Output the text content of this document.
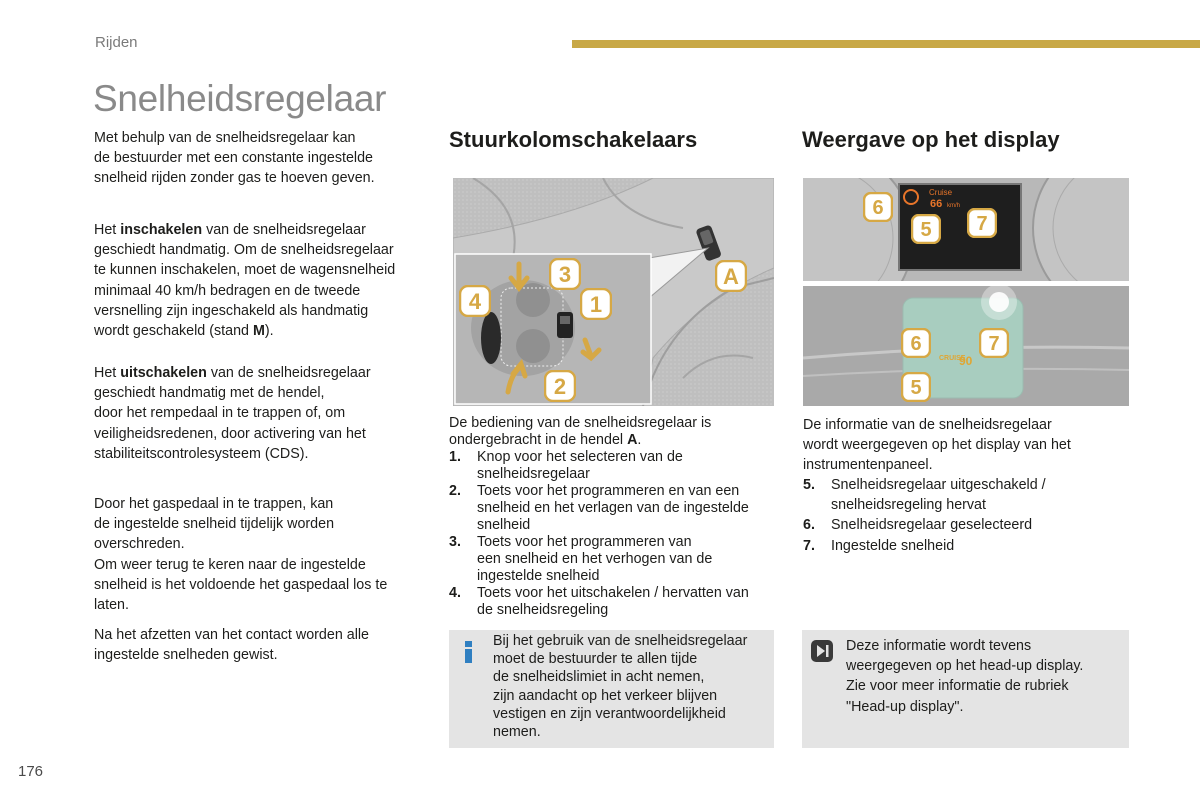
Rijden
Snelheidsregelaar
Met behulp van de snelheidsregelaar kan
de bestuurder met een constante ingestelde
snelheid rijden zonder gas te hoeven geven.
Het inschakelen van de snelheidsregelaar
geschiedt handmatig. Om de snelheidsregelaar
te kunnen inschakelen, moet de wagensnelheid
minimaal 40 km/h bedragen en de tweede
versnelling zijn ingeschakeld als handmatig
wordt geschakeld (stand M).
Het uitschakelen van de snelheidsregelaar
geschiedt handmatig met de hendel,
door het rempedaal in te trappen of, om
veiligheidsredenen, door activering van het
stabiliteitscontrolesysteem (CDS).
Door het gaspedaal in te trappen, kan
de ingestelde snelheid tijdelijk worden
overschreden.
Om weer terug te keren naar de ingestelde
snelheid is het voldoende het gaspedaal los te
laten.
Na het afzetten van het contact worden alle
ingestelde snelheden gewist.
Stuurkolomschakelaars
3
1
4
2
A
De bediening van de snelheidsregelaar is
ondergebracht in de hendel A.
1.	Knop voor het selecteren van de
snelheidsregelaar
2.	Toets voor het programmeren en van een
snelheid en het verlagen van de ingestelde
snelheid
3.	Toets voor het programmeren van
een snelheid en het verhogen van de
ingestelde snelheid
4.	Toets voor het uitschakelen / hervatten van
de snelheidsregeling
Bij het gebruik van de snelheidsregelaar
moet de bestuurder te allen tijde
de snelheidslimiet in acht nemen,
zijn aandacht op het verkeer blijven
vestigen en zijn verantwoordelijkheid
nemen.
Weergave op het display
Cruise
66 km/h
6
5 7
CRUISE
90
6	7
5
De informatie van de snelheidsregelaar
wordt weergegeven op het display van het
instrumentenpaneel.
5.	Snelheidsregelaar uitgeschakeld /
snelheidsregeling hervat
6.	Snelheidsregelaar geselecteerd
7.	Ingestelde snelheid
Deze informatie wordt tevens
weergegeven op het head-up display.
Zie voor meer informatie de rubriek
"Head-up display".
176
